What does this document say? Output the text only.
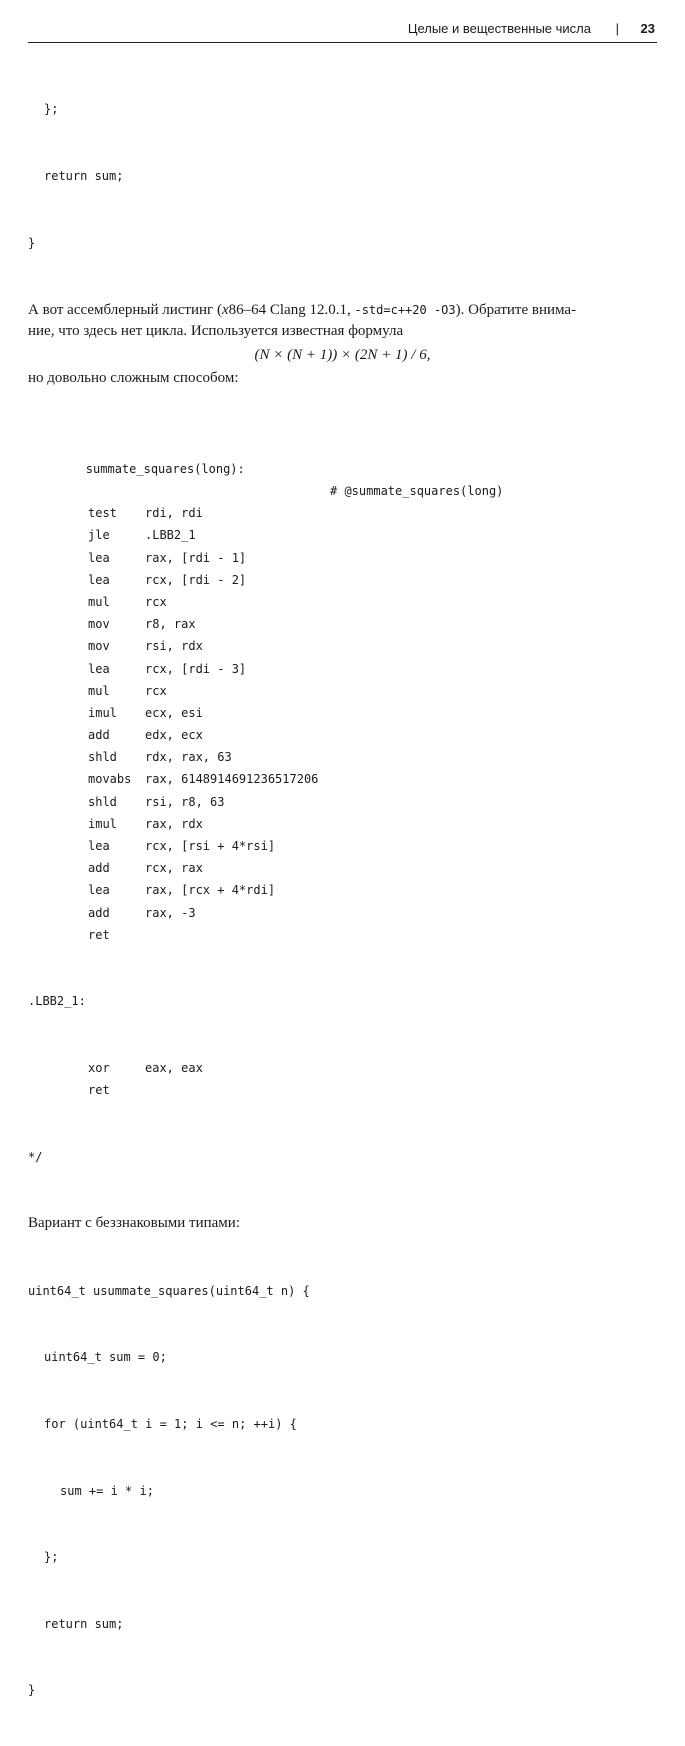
Целые и вещественные числа | 23

};

return sum;

}

А вот ассемблерный листинг (x86–64 Clang 12.0.1, -std=c++20 -O3). Обратите внима-
ние, что здесь нет цикла. Используется известная формула

(N × (N + 1)) × (2N + 1) / 6,

но довольно сложным способом:

summate_squares(long):

# @summate_squares(long)

test rdi, rdi
jle	.LBB2_1
lea	rax, [rdi - 1]
lea	rcx, [rdi - 2]
mul	rcx
mov	r8, rax
mov	rsi, rdx
lea	rcx, [rdi - 3]
mul	rcx
imul ecx, esi
add	edx, ecx
shld rdx, rax, 63
movabs rax, 6148914691236517206
shld rsi, r8, 63
imul rax, rdx
lea	rcx, [rsi + 4*rsi]
add	rcx, rax
lea	rax, [rcx + 4*rdi]
add	rax, -3
ret

.LBB2_1:

xor	eax, eax
ret

*/

Вариант с беззнаковыми типами:

uint64_t usummate_squares(uint64_t n) {

uint64_t sum = 0;

for (uint64_t i = 1; i <= n; ++i) {

sum += i * i;

};

return sum;

}
